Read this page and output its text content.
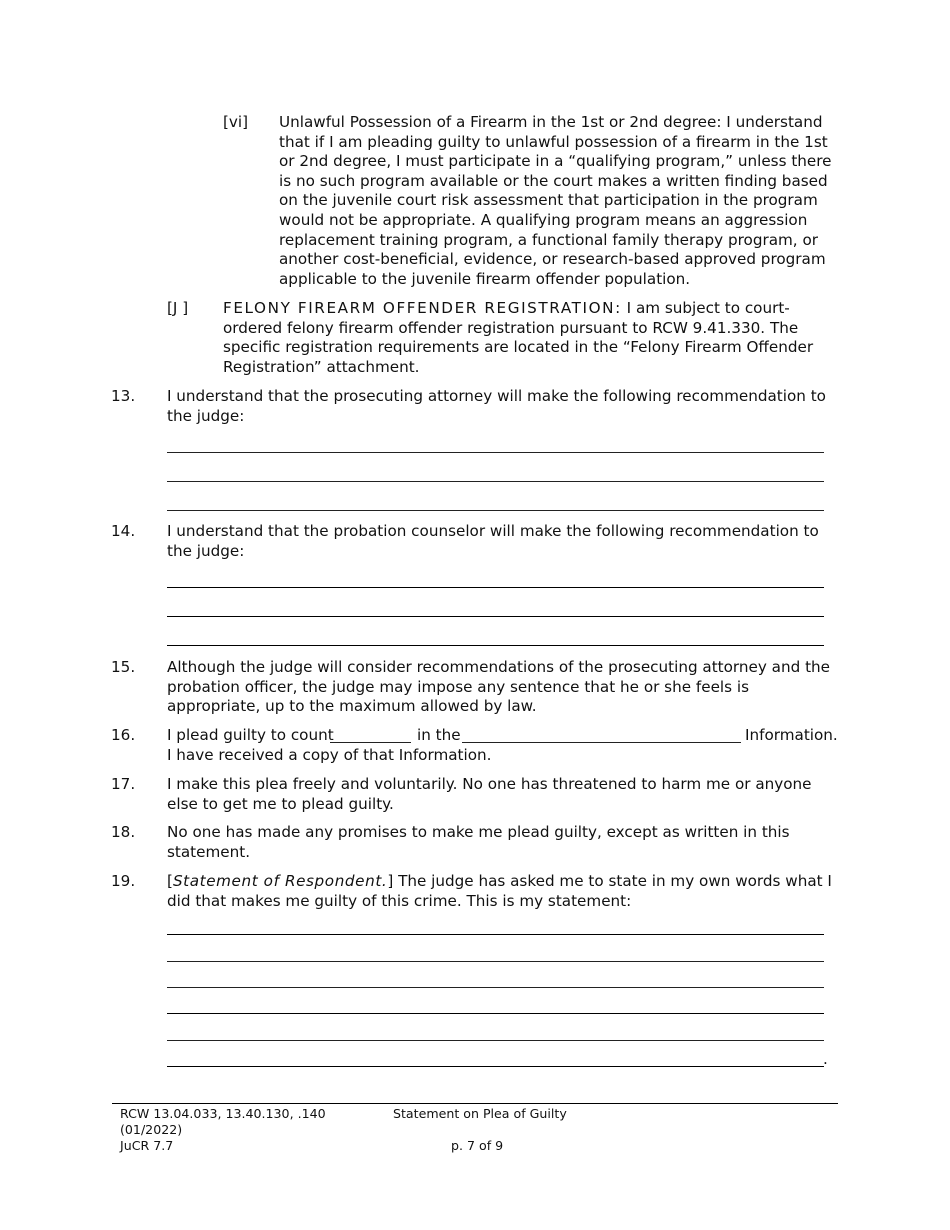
[vi] Unlawful Possession of a Firearm in the 1st or 2nd degree: I understand that if I am pleading guilty to unlawful possession of a firearm in the 1st or 2nd degree, I must participate in a “qualifying program,” unless there is no such program available or the court makes a written finding based on the juvenile court risk assessment that participation in the program would not be appropriate. A qualifying program means an aggression replacement training program, a functional family therapy program, or another cost-beneficial, evidence, or research-based approved program applicable to the juvenile firearm offender population.
[J ] FELONY FIREARM OFFENDER REGISTRATION: I am subject to court-ordered felony firearm offender registration pursuant to RCW 9.41.330. The specific registration requirements are located in the “Felony Firearm Offender Registration” attachment.
13. I understand that the prosecuting attorney will make the following recommendation to the judge:
14. I understand that the probation counselor will make the following recommendation to the judge:
15. Although the judge will consider recommendations of the prosecuting attorney and the probation officer, the judge may impose any sentence that he or she feels is appropriate, up to the maximum allowed by law.
16. I plead guilty to count	in the	Information.
I have received a copy of that Information.
17. I make this plea freely and voluntarily. No one has threatened to harm me or anyone else to get me to plead guilty.
18. No one has made any promises to make me plead guilty, except as written in this statement.
19. [Statement of Respondent.] The judge has asked me to state in my own words what I did that makes me guilty of this crime. This is my statement:
.
RCW 13.04.033, 13.40.130, .140
(01/2022)
JuCR 7.7
Statement on Plea of Guilty
p. 7 of 9
